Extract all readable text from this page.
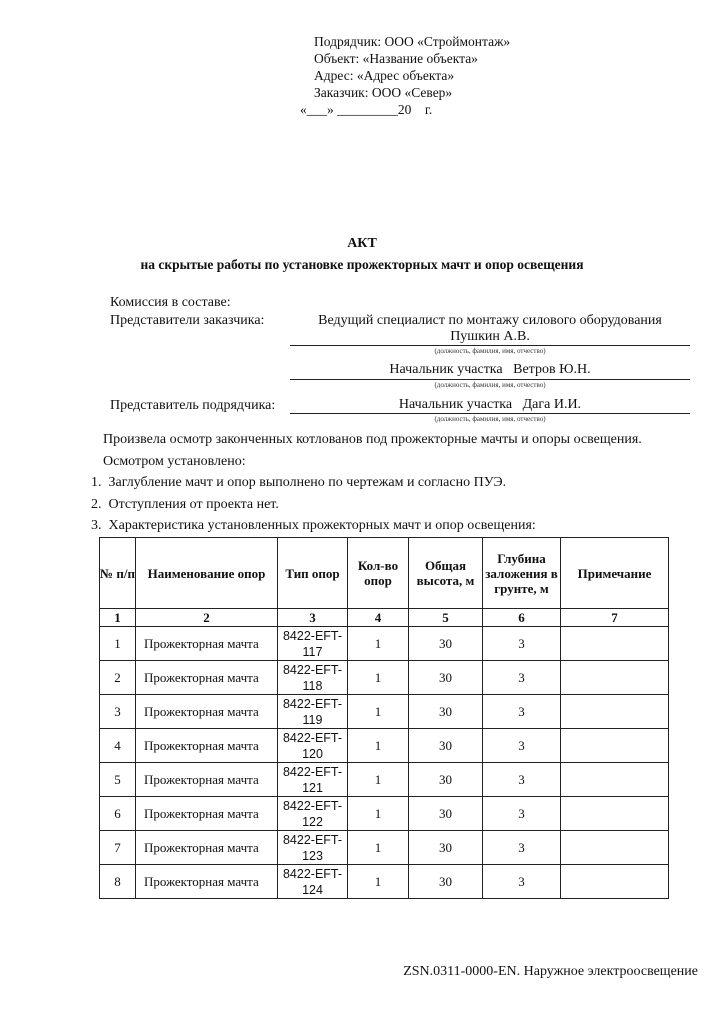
Подрядчик: ООО «Строймонтаж»
Объект: «Название объекта»
Адрес: «Адрес объекта»
Заказчик: ООО «Север»
«___» _________20    г.
АКТ
на скрытые работы по установке прожекторных мачт и опор освещения
Комиссия в составе:
Представители заказчика:	Ведущий специалист по монтажу силового оборудования
Пушкин А.В.
(должность, фамилия, имя, отчество)
Начальник участка   Ветров Ю.Н.
(должность, фамилия, имя, отчество)
Представитель подрядчика:	Начальник участка   Дага И.И.
(должность, фамилия, имя, отчество)
Произвела осмотр законченных котлованов под прожекторные мачты и опоры освещения.
Осмотром установлено:
1.  Заглубление мачт и опор выполнено по чертежам и согласно ПУЭ.
2.  Отступления от проекта нет.
3.  Характеристика установленных прожекторных мачт и опор освещения:
№ п/п	Наименование опор	Тип опор	Кол-во опор	Общая высота, м	Глубина заложения в грунте, м	Примечание
1	2	3	4	5	6	7
1	Прожекторная мачта	8422-EFT-117	1	30	3	
2	Прожекторная мачта	8422-EFT-118	1	30	3	
3	Прожекторная мачта	8422-EFT-119	1	30	3	
4	Прожекторная мачта	8422-EFT-120	1	30	3	
5	Прожекторная мачта	8422-EFT-121	1	30	3	
6	Прожекторная мачта	8422-EFT-122	1	30	3	
7	Прожекторная мачта	8422-EFT-123	1	30	3	
8	Прожекторная мачта	8422-EFT-124	1	30	3	
ZSN.0311-0000-EN. Наружное электроосвещение
